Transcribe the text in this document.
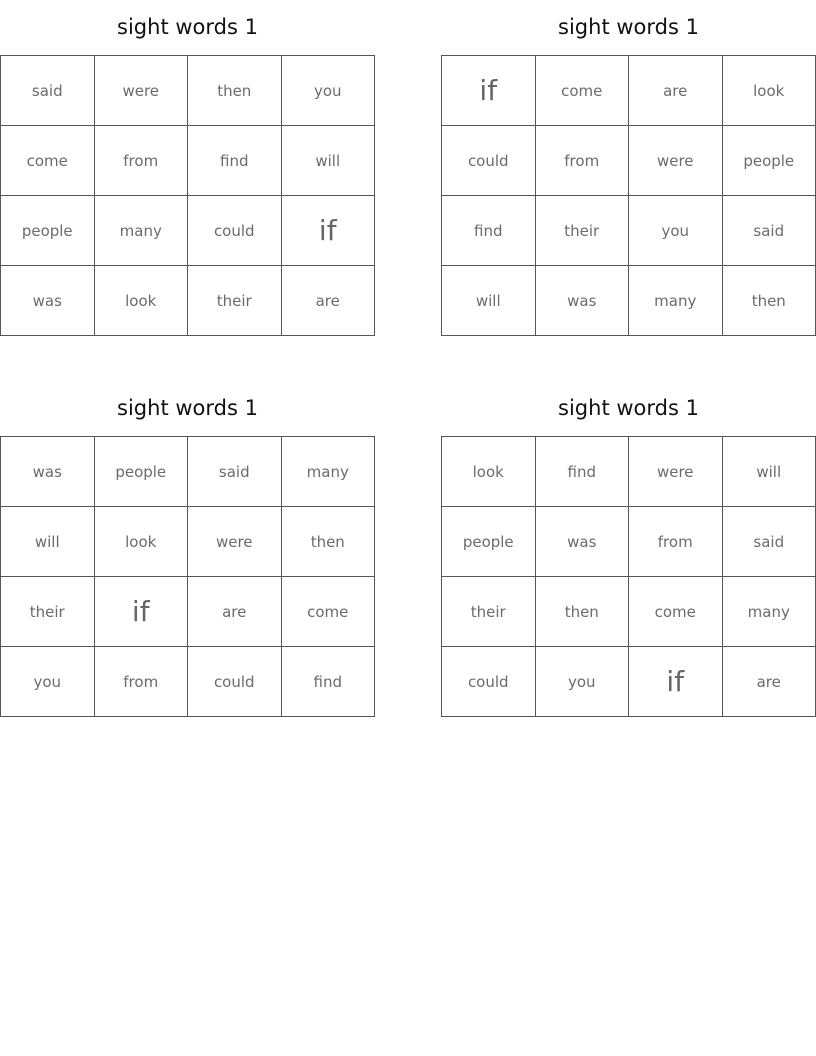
sight words 1
said	were	then	you
come	from	find	will
people	many	could	if
was	look	their	are
sight words 1
if	come	are	look
could	from	were	people
find	their	you	said
will	was	many	then
sight words 1
was	people	said	many
will	look	were	then
their	if	are	come
you	from	could	find
sight words 1
look	find	were	will
people	was	from	said
their	then	come	many
could	you	if	are
